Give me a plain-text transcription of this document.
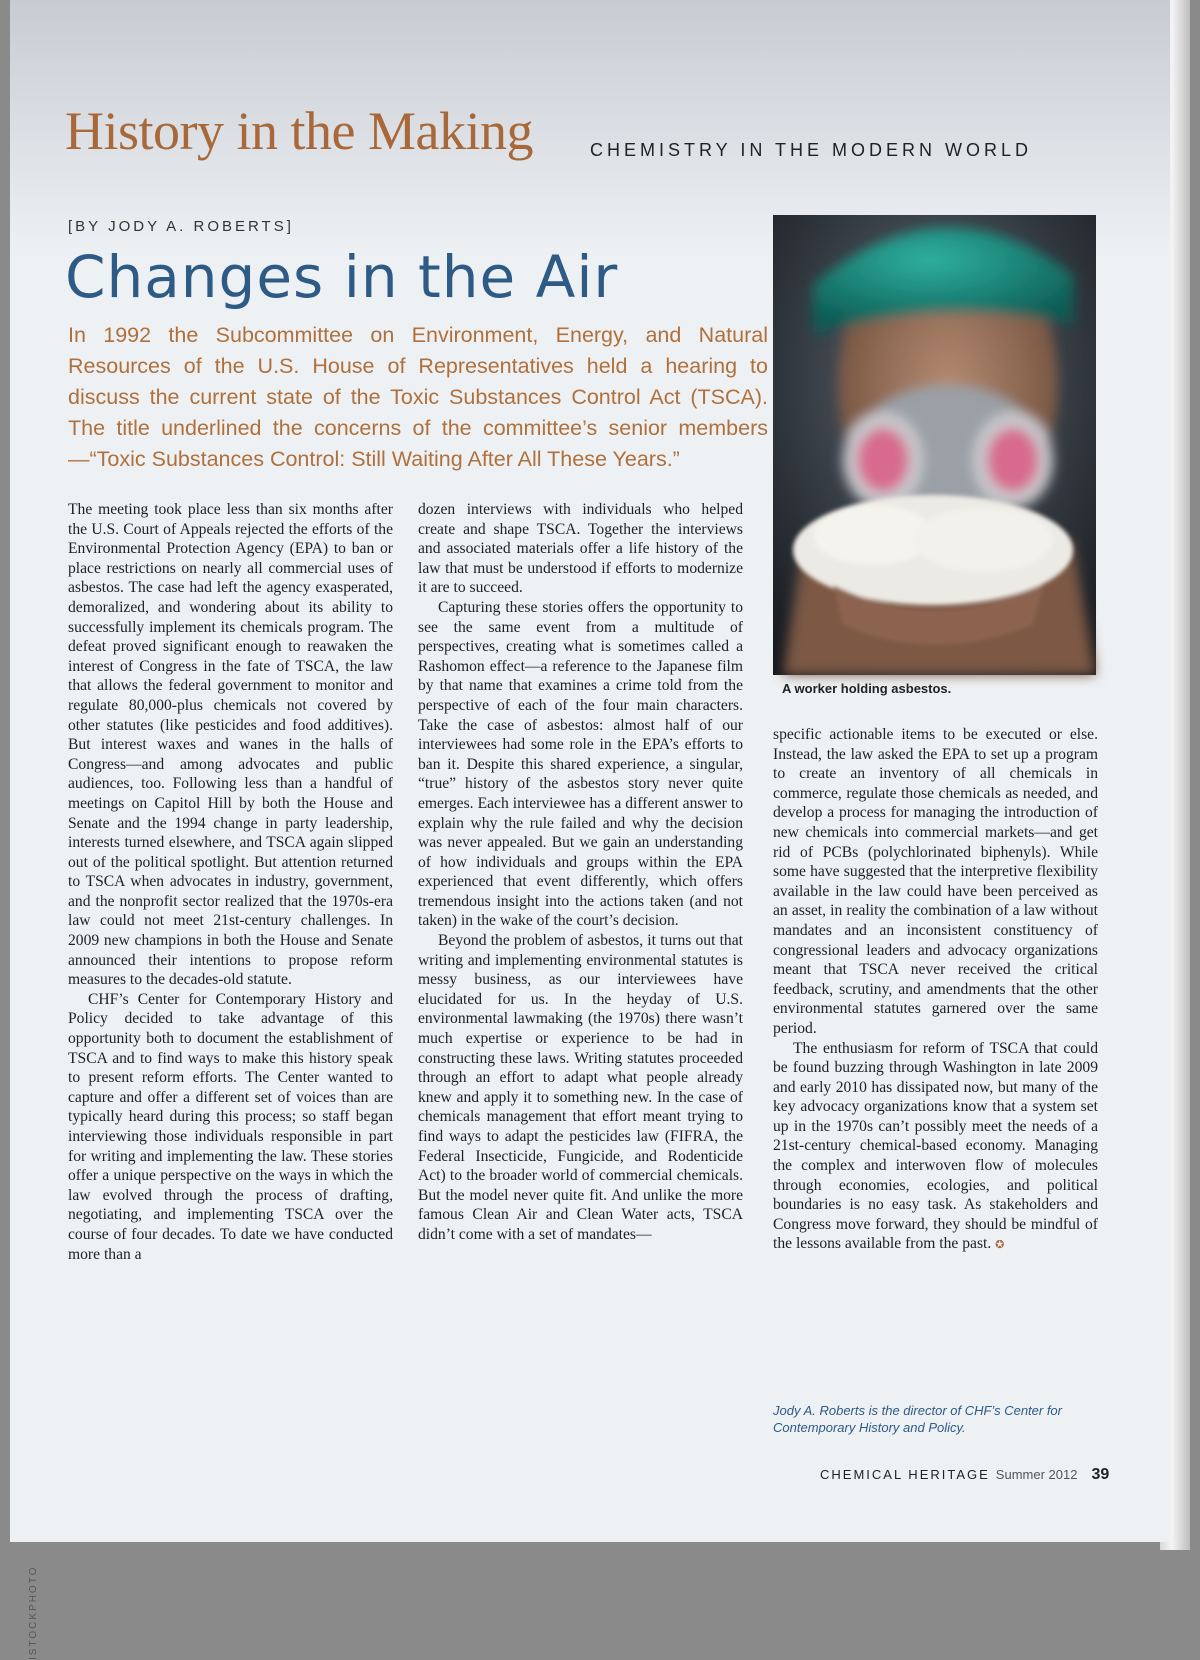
History in the Making	CHEMISTRY IN THE MODERN WORLD
[BY JODY A. ROBERTS]
Changes in the Air
In 1992 the Subcommittee on Environment, Energy, and Natural Resources of the U.S. House of Representatives held a hearing to discuss the current state of the Toxic Substances Control Act (TSCA). The title underlined the concerns of the committee’s senior members—“Toxic Substances Control: Still Waiting After All These Years.”

The meeting took place less than six months after the U.S. Court of Appeals rejected the efforts of the Environmental Protection Agency (EPA) to ban or place restrictions on nearly all commercial uses of asbestos. The case had left the agency exasperated, demoralized, and wondering about its ability to successfully implement its chemicals program. The defeat proved significant enough to reawaken the interest of Congress in the fate of TSCA, the law that allows the federal government to monitor and regulate 80,000-plus chemicals not covered by other statutes (like pesticides and food additives). But interest waxes and wanes in the halls of Congress—and among advocates and public audiences, too. Following less than a handful of meetings on Capitol Hill by both the House and Senate and the 1994 change in party leadership, interests turned elsewhere, and TSCA again slipped out of the political spotlight. But attention returned to TSCA when advocates in industry, government, and the nonprofit sector realized that the 1970s-era law could not meet 21st-century challenges. In 2009 new champions in both the House and Senate announced their intentions to propose reform measures to the decades-old statute.

CHF’s Center for Contemporary History and Policy decided to take advantage of this opportunity both to document the establishment of TSCA and to find ways to make this history speak to present reform efforts. The Center wanted to capture and offer a different set of voices than are typically heard during this process; so staff began interviewing those individuals responsible in part for writing and implementing the law. These stories offer a unique perspective on the ways in which the law evolved through the process of drafting, negotiating, and implementing TSCA over the course of four decades. To date we have conducted more than a

dozen interviews with individuals who helped create and shape TSCA. Together the interviews and associated materials offer a life history of the law that must be understood if efforts to modernize it are to succeed.

Capturing these stories offers the opportunity to see the same event from a multitude of perspectives, creating what is sometimes called a Rashomon effect—a reference to the Japanese film by that name that examines a crime told from the perspective of each of the four main characters. Take the case of asbestos: almost half of our interviewees had some role in the EPA’s efforts to ban it. Despite this shared experience, a singular, “true” history of the asbestos story never quite emerges. Each interviewee has a different answer to explain why the rule failed and why the decision was never appealed. But we gain an understanding of how individuals and groups within the EPA experienced that event differently, which offers tremendous insight into the actions taken (and not taken) in the wake of the court’s decision.

Beyond the problem of asbestos, it turns out that writing and implementing environmental statutes is messy business, as our interviewees have elucidated for us. In the heyday of U.S. environmental lawmaking (the 1970s) there wasn’t much expertise or experience to be had in constructing these laws. Writing statutes proceeded through an effort to adapt what people already knew and apply it to something new. In the case of chemicals management that effort meant trying to find ways to adapt the pesticides law (FIFRA, the Federal Insecticide, Fungicide, and Rodenticide Act) to the broader world of commercial chemicals. But the model never quite fit. And unlike the more famous Clean Air and Clean Water acts, TSCA didn’t come with a set of mandates—

A worker holding asbestos.

specific actionable items to be executed or else. Instead, the law asked the EPA to set up a program to create an inventory of all chemicals in commerce, regulate those chemicals as needed, and develop a process for managing the introduction of new chemicals into commercial markets—and get rid of PCBs (polychlorinated biphenyls). While some have suggested that the interpretive flexibility available in the law could have been perceived as an asset, in reality the combination of a law without mandates and an inconsistent constituency of congressional leaders and advocacy organizations meant that TSCA never received the critical feedback, scrutiny, and amendments that the other environmental statutes garnered over the same period.

The enthusiasm for reform of TSCA that could be found buzzing through Washington in late 2009 and early 2010 has dissipated now, but many of the key advocacy organizations know that a system set up in the 1970s can’t possibly meet the needs of a 21st-century chemical-based economy. Managing the complex and interwoven flow of molecules through economies, ecologies, and political boundaries is no easy task. As stakeholders and Congress move forward, they should be mindful of the lessons available from the past. ✪

Jody A. Roberts is the director of CHF’s Center for Contemporary History and Policy.
ISTOCKPHOTO
CHEMICAL HERITAGE Summer 2012 39
